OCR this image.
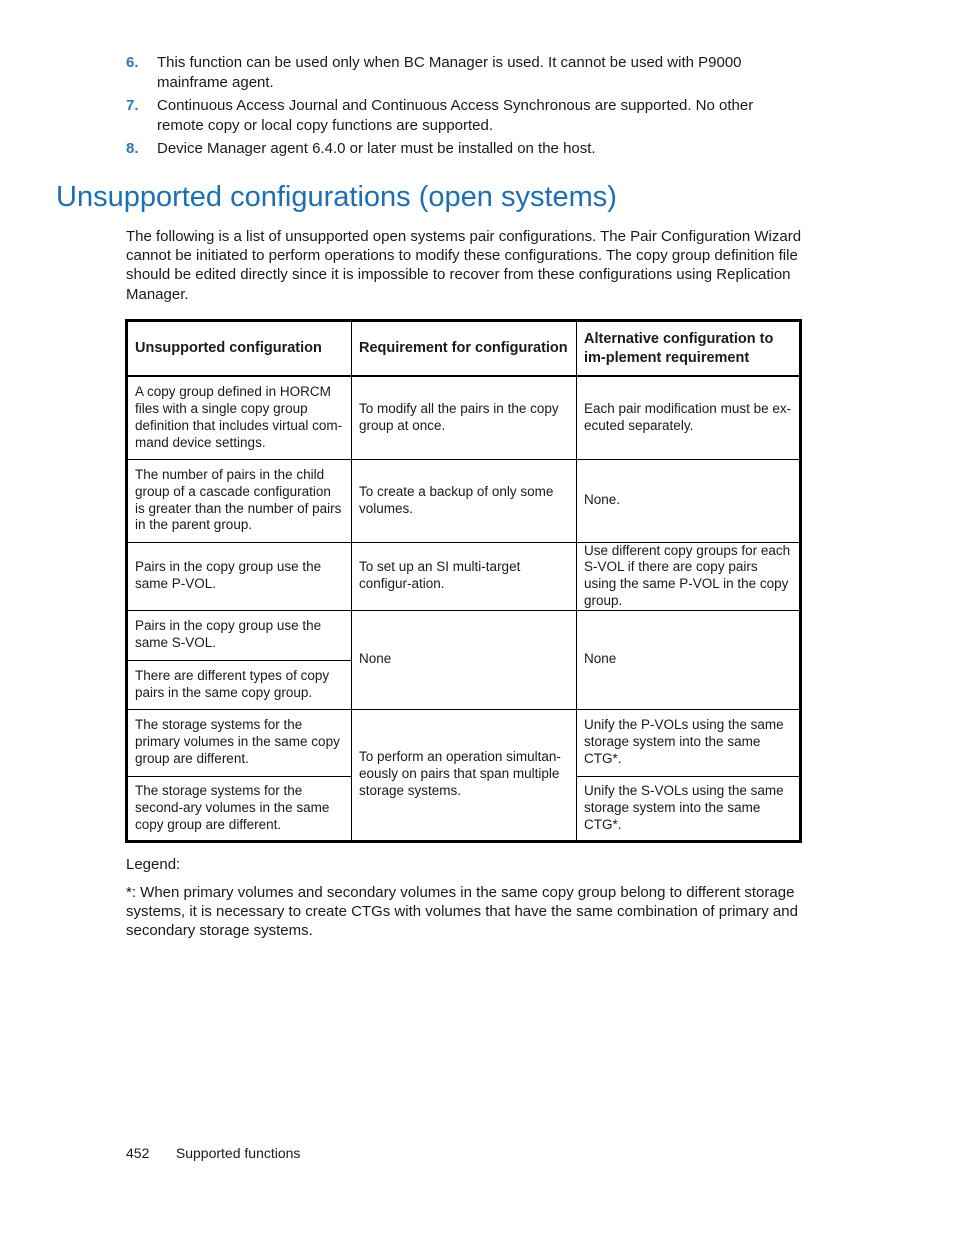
6. This function can be used only when BC Manager is used. It cannot be used with P9000 mainframe agent.
7. Continuous Access Journal and Continuous Access Synchronous are supported. No other remote copy or local copy functions are supported.
8. Device Manager agent 6.4.0 or later must be installed on the host.
Unsupported configurations (open systems)

The following is a list of unsupported open systems pair configurations. The Pair Configuration Wizard cannot be initiated to perform operations to modify these configurations. The copy group definition file should be edited directly since it is impossible to recover from these configurations using Replication Manager.

Unsupported configuration	Requirement for configuration	Alternative configuration to im-plement requirement
A copy group defined in HORCM files with a single copy group definition that includes virtual com-mand device settings.	To modify all the pairs in the copy group at once.	Each pair modification must be ex-ecuted separately.
The number of pairs in the child group of a cascade configuration is greater than the number of pairs in the parent group.	To create a backup of only some volumes.	None.
Pairs in the copy group use the same P-VOL.	To set up an SI multi-target configur-ation.	Use different copy groups for each S-VOL if there are copy pairs using the same P-VOL in the copy group.
Pairs in the copy group use the same S-VOL.	None	None
There are different types of copy pairs in the same copy group.		
The storage systems for the primary volumes in the same copy group are different.	To perform an operation simultan-eously on pairs that span multiple storage systems.	Unify the P-VOLs using the same storage system into the same CTG*.
The storage systems for the second-ary volumes in the same copy group are different.		Unify the S-VOLs using the same storage system into the same CTG*.

Legend:

*: When primary volumes and secondary volumes in the same copy group belong to different storage systems, it is necessary to create CTGs with volumes that have the same combination of primary and secondary storage systems.

452 Supported functions
